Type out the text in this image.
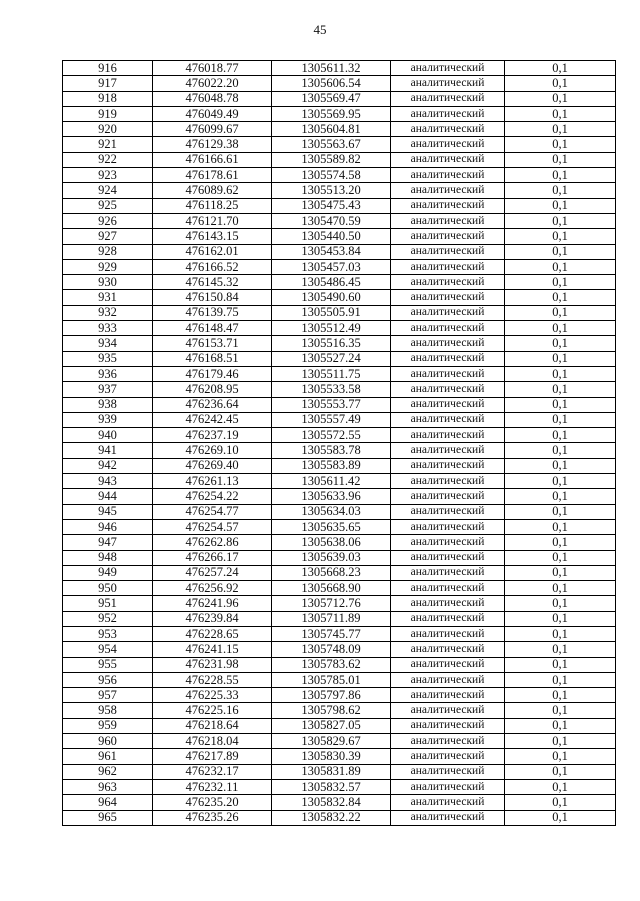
45
916	476018.77	1305611.32	аналитический	0,1
917	476022.20	1305606.54	аналитический	0,1
918	476048.78	1305569.47	аналитический	0,1
919	476049.49	1305569.95	аналитический	0,1
920	476099.67	1305604.81	аналитический	0,1
921	476129.38	1305563.67	аналитический	0,1
922	476166.61	1305589.82	аналитический	0,1
923	476178.61	1305574.58	аналитический	0,1
924	476089.62	1305513.20	аналитический	0,1
925	476118.25	1305475.43	аналитический	0,1
926	476121.70	1305470.59	аналитический	0,1
927	476143.15	1305440.50	аналитический	0,1
928	476162.01	1305453.84	аналитический	0,1
929	476166.52	1305457.03	аналитический	0,1
930	476145.32	1305486.45	аналитический	0,1
931	476150.84	1305490.60	аналитический	0,1
932	476139.75	1305505.91	аналитический	0,1
933	476148.47	1305512.49	аналитический	0,1
934	476153.71	1305516.35	аналитический	0,1
935	476168.51	1305527.24	аналитический	0,1
936	476179.46	1305511.75	аналитический	0,1
937	476208.95	1305533.58	аналитический	0,1
938	476236.64	1305553.77	аналитический	0,1
939	476242.45	1305557.49	аналитический	0,1
940	476237.19	1305572.55	аналитический	0,1
941	476269.10	1305583.78	аналитический	0,1
942	476269.40	1305583.89	аналитический	0,1
943	476261.13	1305611.42	аналитический	0,1
944	476254.22	1305633.96	аналитический	0,1
945	476254.77	1305634.03	аналитический	0,1
946	476254.57	1305635.65	аналитический	0,1
947	476262.86	1305638.06	аналитический	0,1
948	476266.17	1305639.03	аналитический	0,1
949	476257.24	1305668.23	аналитический	0,1
950	476256.92	1305668.90	аналитический	0,1
951	476241.96	1305712.76	аналитический	0,1
952	476239.84	1305711.89	аналитический	0,1
953	476228.65	1305745.77	аналитический	0,1
954	476241.15	1305748.09	аналитический	0,1
955	476231.98	1305783.62	аналитический	0,1
956	476228.55	1305785.01	аналитический	0,1
957	476225.33	1305797.86	аналитический	0,1
958	476225.16	1305798.62	аналитический	0,1
959	476218.64	1305827.05	аналитический	0,1
960	476218.04	1305829.67	аналитический	0,1
961	476217.89	1305830.39	аналитический	0,1
962	476232.17	1305831.89	аналитический	0,1
963	476232.11	1305832.57	аналитический	0,1
964	476235.20	1305832.84	аналитический	0,1
965	476235.26	1305832.22	аналитический	0,1
